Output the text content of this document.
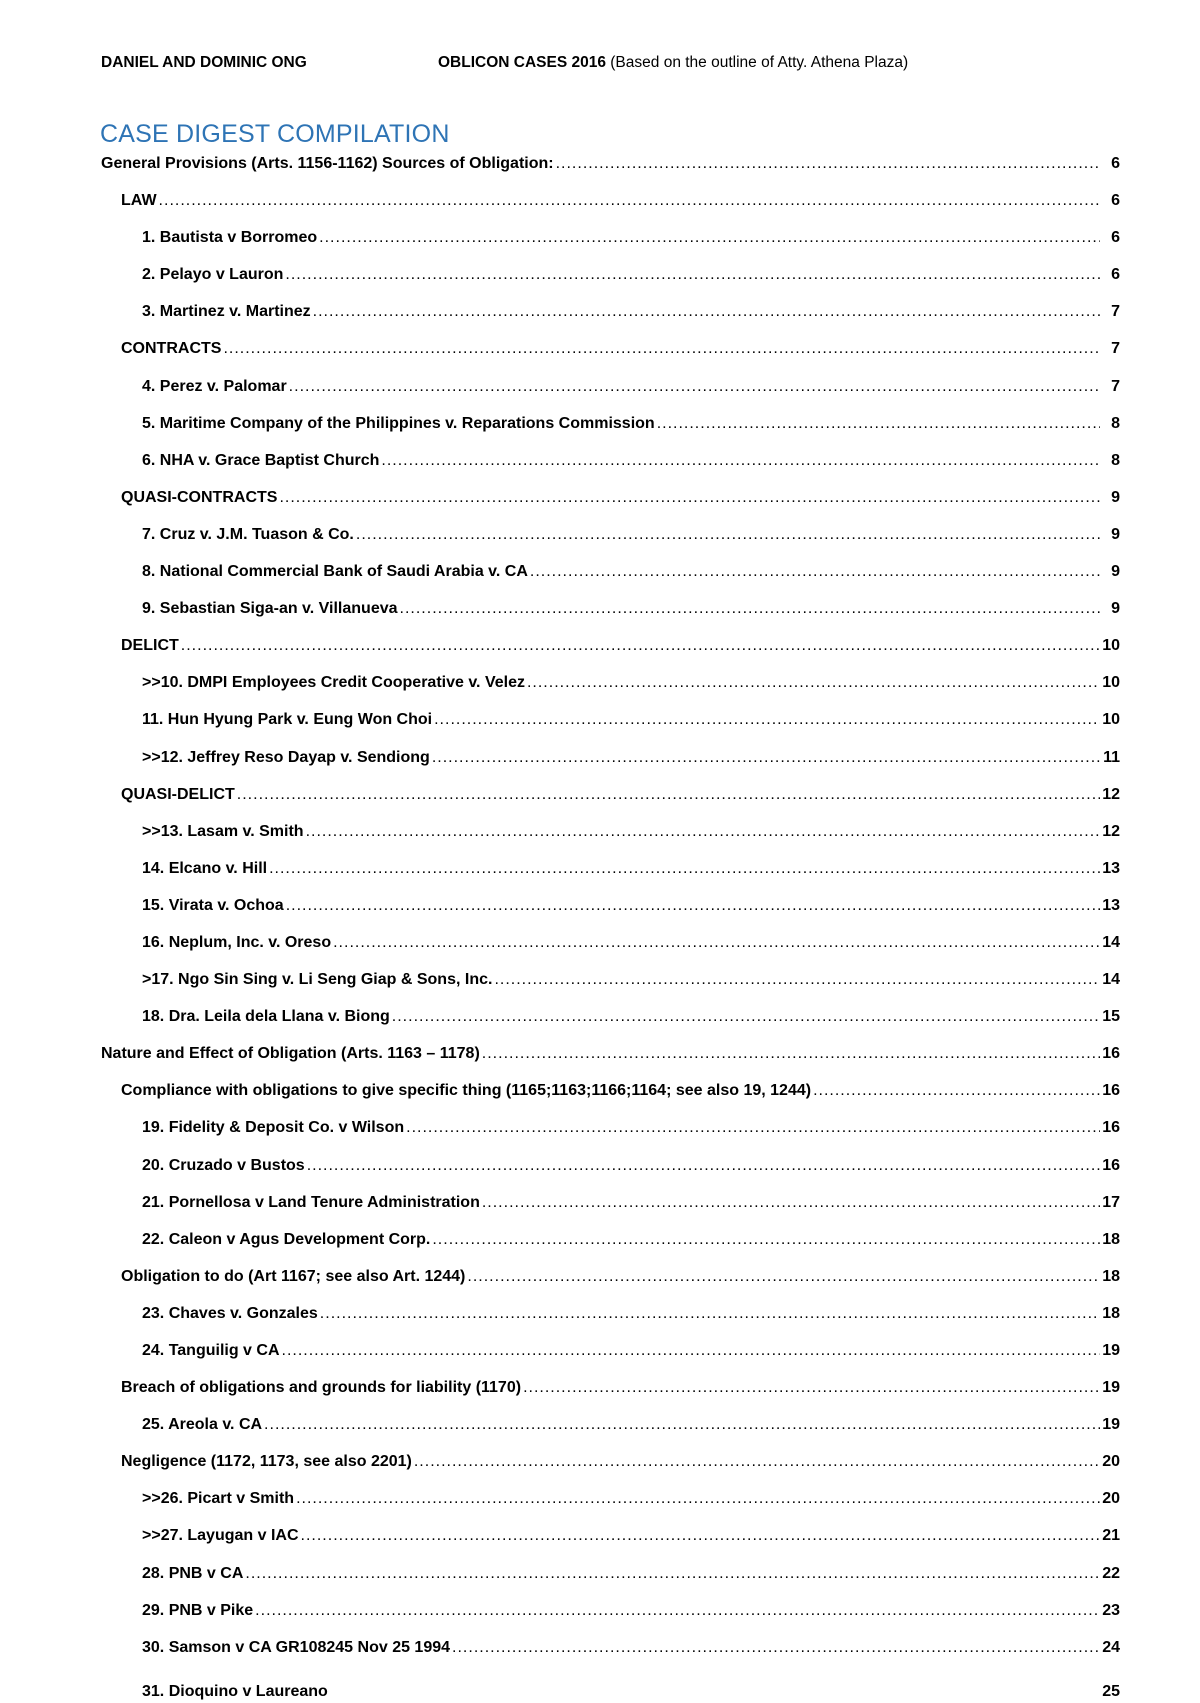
DANIEL AND DOMINIC ONG	OBLICON CASES 2016 (Based on the outline of Atty. Athena Plaza)
CASE DIGEST COMPILATION
General Provisions (Arts. 1156-1162) Sources of Obligation: .....	6
LAW .....	6
1. Bautista v Borromeo .....	6
2. Pelayo v Lauron .....	6
3. Martinez v. Martinez .....	7
CONTRACTS .....	7
4. Perez v. Palomar .....	7
5. Maritime Company of the Philippines v. Reparations Commission .....	8
6. NHA v. Grace Baptist Church .....	8
QUASI-CONTRACTS .....	9
7. Cruz v. J.M. Tuason & Co. .....	9
8. National Commercial Bank of Saudi Arabia v. CA .....	9
9. Sebastian Siga-an v. Villanueva .....	9
DELICT .....	10
>>10. DMPI Employees Credit Cooperative v. Velez .....	10
11. Hun Hyung Park v. Eung Won Choi .....	10
>>12. Jeffrey Reso Dayap v. Sendiong .....	11
QUASI-DELICT .....	12
>>13. Lasam v. Smith .....	12
14. Elcano v. Hill .....	13
15. Virata v. Ochoa .....	13
16. Neplum, Inc. v. Oreso .....	14
>17. Ngo Sin Sing v. Li Seng Giap & Sons, Inc. .....	14
18. Dra. Leila dela Llana v. Biong .....	15
Nature and Effect of Obligation (Arts. 1163 – 1178) .....	16
Compliance with obligations to give specific thing (1165;1163;1166;1164; see also 19, 1244) .....	16
19. Fidelity & Deposit Co. v Wilson .....	16
20. Cruzado v Bustos .....	16
21. Pornellosa v Land Tenure Administration .....	17
22. Caleon v Agus Development Corp. .....	18
Obligation to do (Art 1167; see also Art. 1244) .....	18
23. Chaves v. Gonzales .....	18
24. Tanguilig v CA .....	19
Breach of obligations and grounds for liability (1170) .....	19
25. Areola v. CA .....	19
Negligence (1172, 1173, see also 2201) .....	20
>>26. Picart v Smith .....	20
>>27. Layugan v IAC .....	21
28. PNB v CA .....	22
29. PNB v Pike .....	23
30. Samson v CA GR108245 Nov 25 1994 .....	24
31. Dioquino v Laureano	25
